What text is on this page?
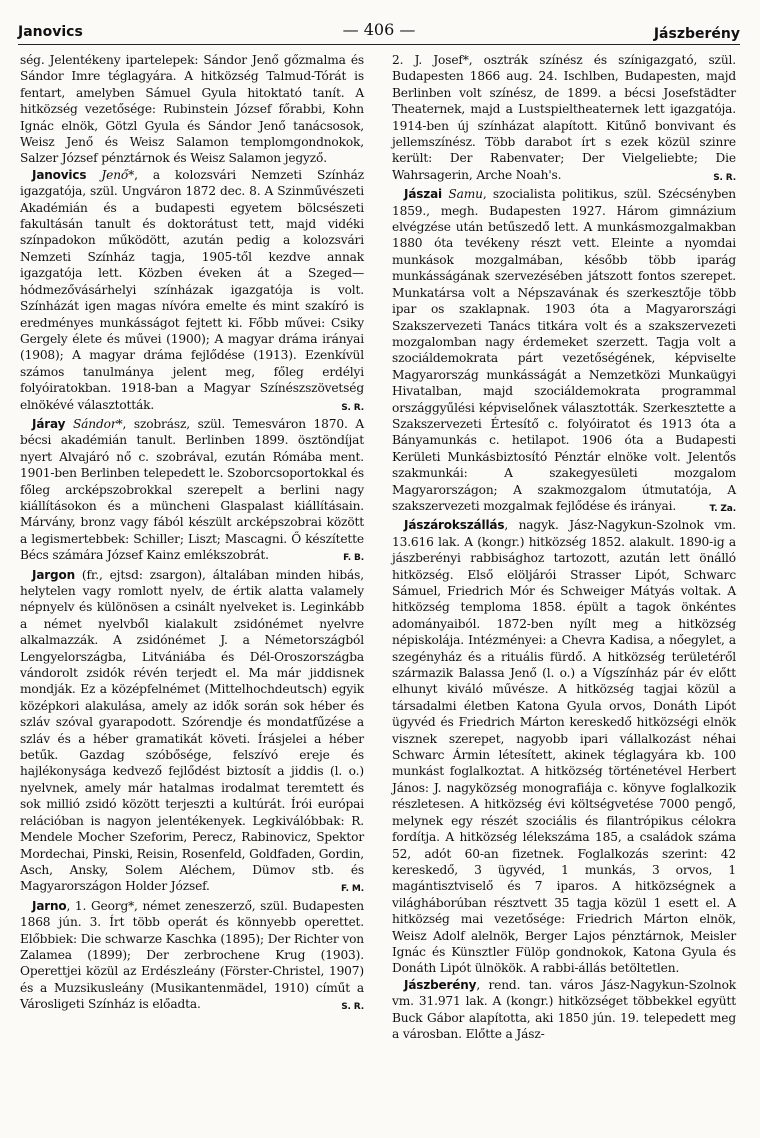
Janovics	— 406 —	Jászberény

ség. Jelentékeny ipartelepek: Sándor Jenő gőzmalma és Sándor Imre téglagyára. A hitközség Talmud-Tórát is fentart, amelyben Sámuel Gyula hitoktató tanít. A hitközség vezetősége: Rubinstein József főrabbi, Kohn Ignác elnök, Götzl Gyula és Sándor Jenő tanácsosok, Weisz Jenő és Weisz Salamon templomgondnokok, Salzer József pénztárnok és Weisz Salamon jegyző.

Janovics Jenő*, a kolozsvári Nemzeti Színház igazgatója, szül. Ungváron 1872 dec. 8. A Szinművészeti Akadémián és a budapesti egyetem bölcsészeti fakultásán tanult és doktorátust tett, majd vidéki színpadokon működött, azután pedig a kolozsvári Nemzeti Színház tagja, 1905-től kezdve annak igazgatója lett. Közben éveken át a Szeged—hódmezővásárhelyi színházak igazgatója is volt. Színházát igen magas nívóra emelte és mint szakíró is eredményes munkásságot fejtett ki. Főbb művei: Csiky Gergely élete és művei (1900); A magyar dráma irányai (1908); A magyar dráma fejlődése (1913). Ezenkívül számos tanulmánya jelent meg, főleg erdélyi folyóiratokban. 1918-ban a Magyar Színészszövetség elnökévé választották.	S. R.

Járay Sándor*, szobrász, szül. Temesváron 1870. A bécsi akadémián tanult. Berlinben 1899. ösztöndíjat nyert Alvajáró nő c. szobrával, ezután Rómába ment. 1901-ben Berlinben telepedett le. Szoborcsoportokkal és főleg arcképszobrokkal szerepelt a berlini nagy kiállításokon és a müncheni Glaspalast kiállításain. Márvány, bronz vagy fából készült arcképszobrai között a legismertebbek: Schiller; Liszt; Mascagni. Ő készítette Bécs számára József Kainz emlékszobrát.	F. B.

Jargon (fr., ejtsd: zsargon), általában minden hibás, helytelen vagy romlott nyelv, de értik alatta valamely népnyelv és különösen a csinált nyelveket is. Leginkább a német nyelvből kialakult zsidónémet nyelvre alkalmazzák. A zsidónémet J. a Németországból Lengyelországba, Litvániába és Dél-Oroszországba vándorolt zsidók révén terjedt el. Ma már jiddisnek mondják. Ez a középfelnémet (Mittelhochdeutsch) egyik középkori alakulása, amely az idők során sok héber és szláv szóval gyarapodott. Szórendje és mondatfűzése a szláv és a héber gramatikát követi. Írásjelei a héber betűk. Gazdag szóbősége, felszívó ereje és hajlékonysága kedvező fejlődést biztosít a jiddis (l. o.) nyelvnek, amely már hatalmas irodalmat teremtett és sok millió zsidó között terjeszti a kultúrát. Írói európai relációban is nagyon jelentékenyek. Legkiválóbbak: R. Mendele Mocher Szeforim, Perecz, Rabinovicz, Spektor Mordechai, Pinski, Reisin, Rosenfeld, Goldfaden, Gordin, Asch, Ansky, Solem Aléchem, Dümov stb. és Magyarországon Holder József.	F. M.

Jarno, 1. Georg*, német zeneszerző, szül. Budapesten 1868 jún. 3. Írt több operát és könnyebb operettet. Előbbiek: Die schwarze Kaschka (1895); Der Richter von Zalamea (1899); Der zerbrochene Krug (1903). Operettjei közül az Erdészleány (Förster-Christel, 1907) és a Muzsikusleány (Musikantenmädel, 1910) címűt a Városligeti Színház is előadta.	S. R.

2. J. Josef*, osztrák színész és színigazgató, szül. Budapesten 1866 aug. 24. Ischlben, Budapesten, majd Berlinben volt színész, de 1899. a bécsi Josefstädter Theaternek, majd a Lustspieltheaternek lett igazgatója. 1914-ben új színházat alapított. Kitűnő bonvivant és jellemszínész. Több darabot írt s ezek közül szinre került: Der Rabenvater; Der Vielgeliebte; Die Wahrsagerin, Arche Noah's.	S. R.

Jászai Samu, szocialista politikus, szül. Szécsényben 1859., megh. Budapesten 1927. Három gimnázium elvégzése után betűszedő lett. A munkásmozgalmakban 1880 óta tevékeny részt vett. Eleinte a nyomdai munkások mozgalmában, később több iparág munkásságának szervezésében játszott fontos szerepet. Munkatársa volt a Népszavának és szerkesztője több ipar os szaklapnak. 1903 óta a Magyarországi Szakszervezeti Tanács titkára volt és a szakszervezeti mozgalomban nagy érdemeket szerzett. Tagja volt a szociáldemokrata párt vezetőségének, képviselte Magyarország munkásságát a Nemzetközi Munkaügyi Hivatalban, majd szociáldemokrata programmal országgyűlési képviselőnek választották. Szerkesztette a Szakszervezeti Értesítő c. folyóiratot és 1913 óta a Bányamunkás c. hetilapot. 1906 óta a Budapesti Kerületi Munkásbiztosító Pénztár elnöke volt. Jelentős szakmunkái: A szakegyesületi mozgalom Magyarországon; A szakmozgalom útmutatója, A szakszervezeti mozgalmak fejlődése és irányai.	T. Za.

Jászárokszállás, nagyk. Jász-Nagykun-Szolnok vm. 13.616 lak. A (kongr.) hitközség 1852. alakult. 1890-ig a jászberényi rabbisághoz tartozott, azután lett önálló hitközség. Első elöljárói Strasser Lipót, Schwarc Sámuel, Friedrich Mór és Schweiger Mátyás voltak. A hitközség temploma 1858. épült a tagok önkéntes adományaiból. 1872-ben nyílt meg a hitközség népiskolája. Intézményei: a Chevra Kadisa, a nőegylet, a szegényház és a rituális fürdő. A hitközség területéről származik Balassa Jenő (l. o.) a Vígszínház pár év előtt elhunyt kiváló művésze. A hitközség tagjai közül a társadalmi életben Katona Gyula orvos, Donáth Lipót ügyvéd és Friedrich Márton kereskedő hitközségi elnök visznek szerepet, nagyobb ipari vállalkozást néhai Schwarc Ármin létesített, akinek téglagyára kb. 100 munkást foglalkoztat. A hitközség történetével Herbert János: J. nagyközség monografiája c. könyve foglalkozik részletesen. A hitközség évi költségvetése 7000 pengő, melynek egy részét szociális és filantrópikus célokra fordítja. A hitközség lélekszáma 185, a családok száma 52, adót 60-an fizetnek. Foglalkozás szerint: 42 kereskedő, 3 ügyvéd, 1 munkás, 3 orvos, 1 magántisztviselő és 7 iparos. A hitközségnek a világháborúban résztvett 35 tagja közül 1 esett el. A hitközség mai vezetősége: Friedrich Márton elnök, Weisz Adolf alelnök, Berger Lajos pénztárnok, Meisler Ignác és Künsztler Fülöp gondnokok, Katona Gyula és Donáth Lipót ülnökök. A rabbi-állás betöltetlen.

Jászberény, rend. tan. város Jász-Nagykun-Szolnok vm. 31.971 lak. A (kongr.) hitközséget többekkel együtt Buck Gábor alapította, aki 1850 jún. 19. telepedett meg a városban. Előtte a Jász-
